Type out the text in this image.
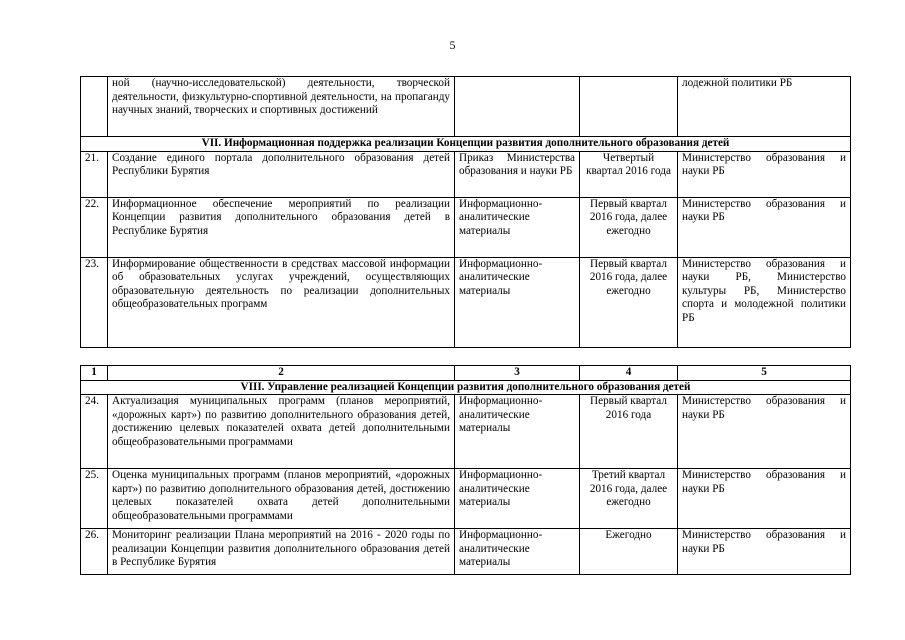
5
	ной (научно-исследовательской) деятельности, творческой деятельности, физкультурно-спортивной деятельности, на пропаганду научных знаний, творческих и спортивных достижений			лодежной политики РБ
VII. Информационная поддержка реализации Концепции развития дополнительного образования детей				
21.	Создание единого портала дополнительного образования детей Республики Бурятия	Приказ Министерства образования и науки РБ	Четвертый квартал 2016 года	Министерство образования и науки РБ
22.	Информационное обеспечение мероприятий по реализации Концепции развития дополнительного образования детей в Республике Бурятия	Информационно-аналитические материалы	Первый квартал 2016 года, далее ежегодно	Министерство образования и науки РБ
23.	Информирование общественности в средствах массовой информации об образовательных услугах учреждений, осуществляющих образовательную деятельность по реализации дополнительных общеобразовательных программ	Информационно-аналитические материалы	Первый квартал 2016 года, далее ежегодно	Министерство образования и науки РБ, Министерство культуры РБ, Министерство спорта и молодежной политики РБ
1	2	3	4	5
VIII. Управление реализацией Концепции развития дополнительного образования детей				
24.	Актуализация муниципальных программ (планов мероприятий, «дорожных карт») по развитию дополнительного образования детей, достижению целевых показателей охвата детей дополнительными общеобразовательными программами	Информационно-аналитические материалы	Первый квартал 2016 года	Министерство образования и науки РБ
25.	Оценка муниципальных программ (планов мероприятий, «дорожных карт») по развитию дополнительного образования детей, достижению целевых показателей охвата детей дополнительными общеобразовательными программами	Информационно-аналитические материалы	Третий квартал 2016 года, далее ежегодно	Министерство образования и науки РБ
26.	Мониторинг реализации Плана мероприятий на 2016 - 2020 годы по реализации Концепции развития дополнительного образования детей в Республике Бурятия	Информационно-аналитические материалы	Ежегодно	Министерство образования и науки РБ
